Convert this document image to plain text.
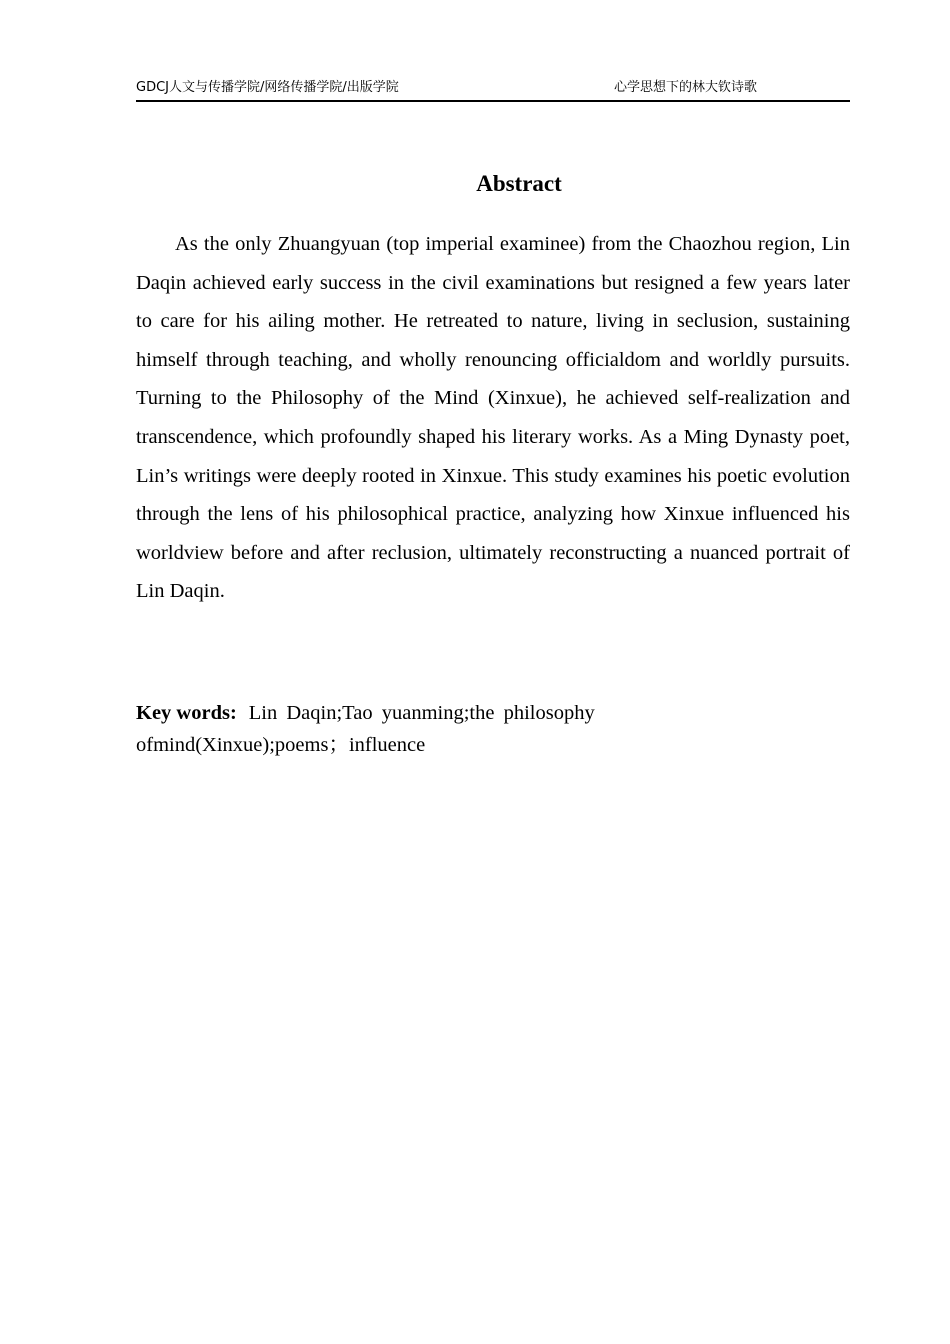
GDCJ人文与传播学院/网络传播学院/出版学院	心学思想下的林大钦诗歌
Abstract

As the only Zhuangyuan (top imperial examinee) from the Chaozhou region, Lin Daqin achieved early success in the civil examinations but resigned a few years later to care for his ailing mother. He retreated to nature, living in seclusion, sustaining himself through teaching, and wholly renouncing officialdom and worldly pursuits. Turning to the Philosophy of the Mind (Xinxue), he achieved self-realization and transcendence, which profoundly shaped his literary works. As a Ming Dynasty poet, Lin’s writings were deeply rooted in Xinxue. This study examines his poetic evolution through the lens of his philosophical practice, analyzing how Xinxue influenced his worldview before and after reclusion, ultimately reconstructing a nuanced portrait of Lin Daqin.

Key words: Lin Daqin;Tao yuanming;the philosophy ofmind(Xinxue);poems；influence
